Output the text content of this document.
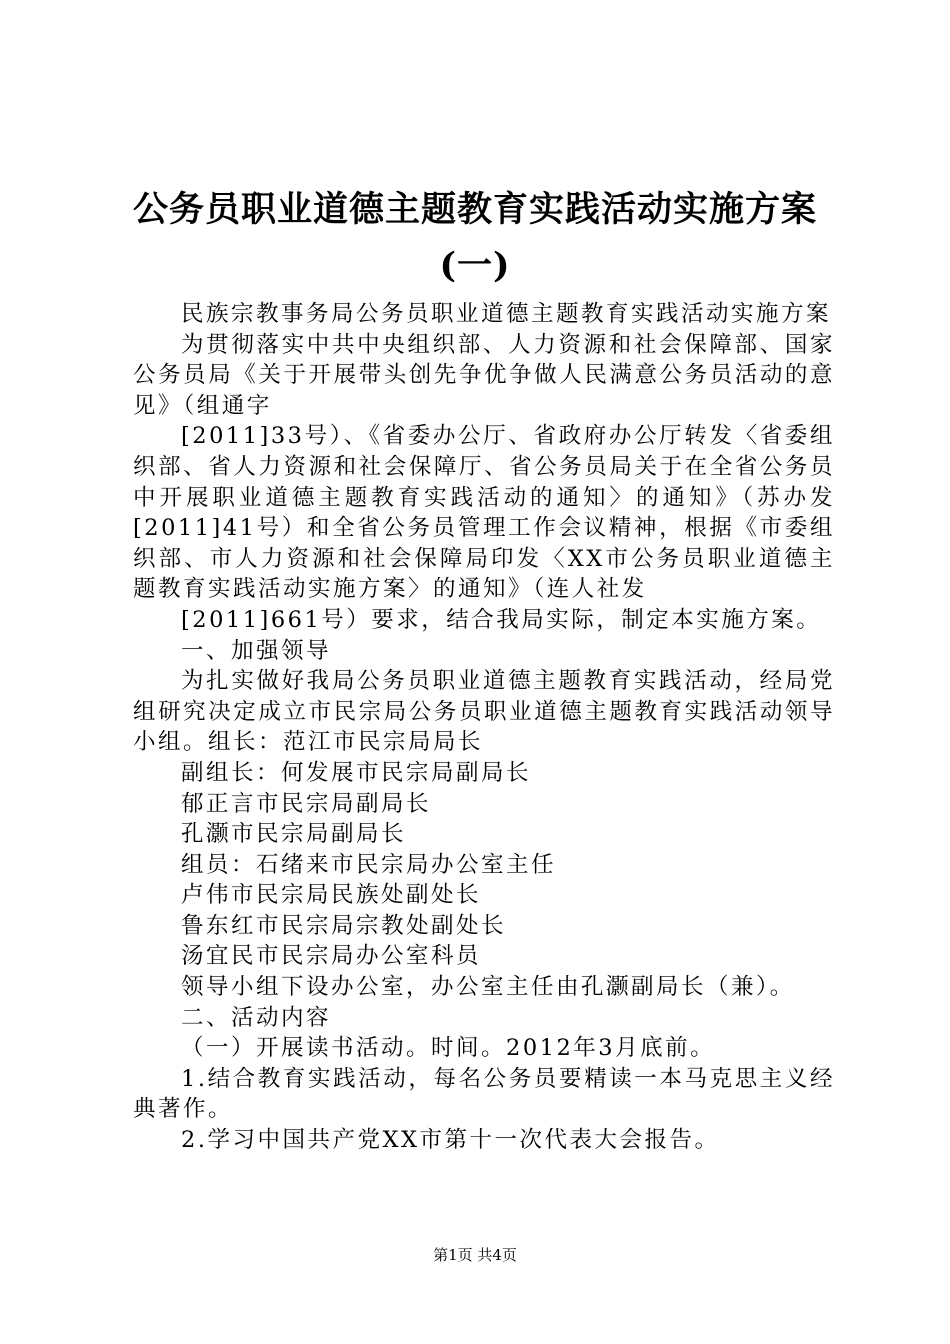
公务员职业道德主题教育实践活动实施方案
(一)

民族宗教事务局公务员职业道德主题教育实践活动实施方案

为贯彻落实中共中央组织部、人力资源和社会保障部、国家公务员局《关于开展带头创先争优争做人民满意公务员活动的意见》（组通字

[2011]33号）、《省委办公厅、省政府办公厅转发〈省委组织部、省人力资源和社会保障厅、省公务员局关于在全省公务员中开展职业道德主题教育实践活动的通知〉的通知》（苏办发[2011]41号）和全省公务员管理工作会议精神，根据《市委组织部、市人力资源和社会保障局印发〈XX市公务员职业道德主题教育实践活动实施方案〉的通知》（连人社发

[2011]661号）要求，结合我局实际，制定本实施方案。

一、加强领导

为扎实做好我局公务员职业道德主题教育实践活动，经局党组研究决定成立市民宗局公务员职业道德主题教育实践活动领导小组。组长：范江市民宗局局长

副组长：何发展市民宗局副局长

郁正言市民宗局副局长

孔灏市民宗局副局长

组员：石绪来市民宗局办公室主任

卢伟市民宗局民族处副处长

鲁东红市民宗局宗教处副处长

汤宜民市民宗局办公室科员

领导小组下设办公室，办公室主任由孔灏副局长（兼）。

二、活动内容

（一）开展读书活动。时间。2012年3月底前。

1.结合教育实践活动，每名公务员要精读一本马克思主义经典著作。

2.学习中国共产党XX市第十一次代表大会报告。

第1页 共4页
